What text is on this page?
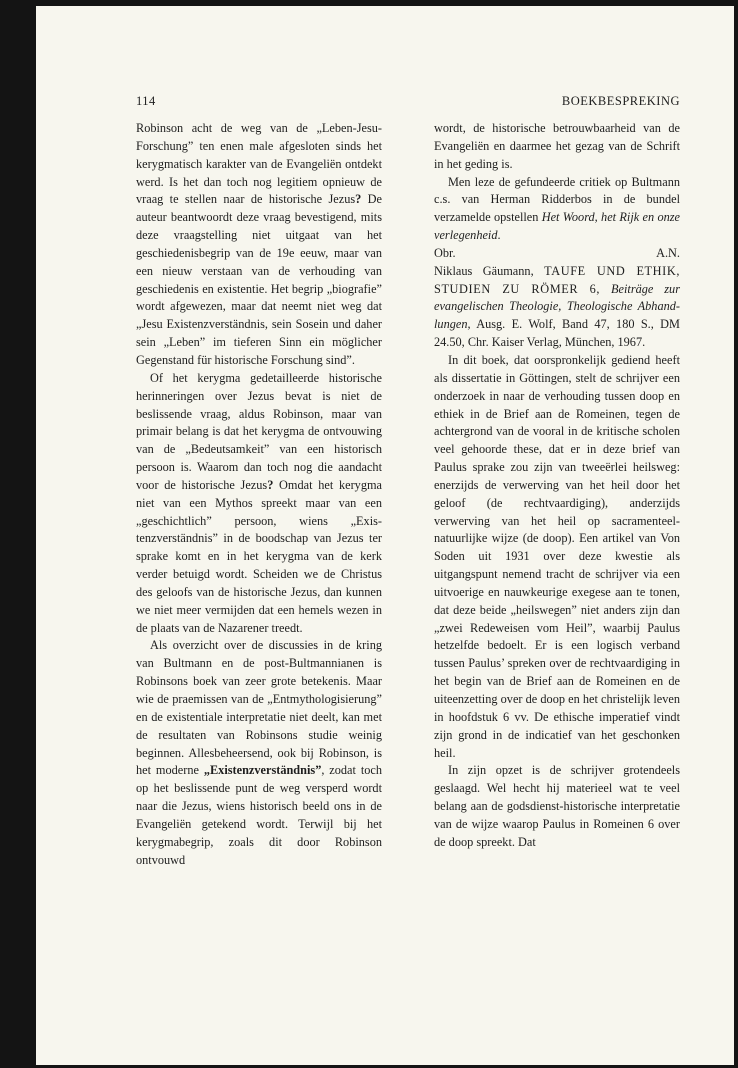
114	BOEKBESPREKING

Robinson acht de weg van de „Leben-Jesu-Forschung” ten enen male afgesloten sinds het kerygmatisch karakter van de Evangeliën ontdekt werd. Is het dan toch nog legitiem opnieuw de vraag te stellen naar de historische Jezus? De auteur beantwoordt deze vraag bevestigend, mits deze vraagstelling niet uitgaat van het geschiedenisbegrip van de 19e eeuw, maar van een nieuw verstaan van de verhouding van geschiedenis en existentie. Het begrip „biografie” wordt afgewezen, maar dat neemt niet weg dat „Jesu Existenzverständnis, sein Sosein und daher sein „Leben” im tieferen Sinn ein möglicher Gegenstand für historische Forschung sind”.

Of het kerygma gedetailleerde historische herinneringen over Jezus bevat is niet de beslissende vraag, aldus Robinson, maar van primair belang is dat het kerygma de ontvouwing van de „Bedeutsamkeit” van een historisch persoon is. Waarom dan toch nog die aandacht voor de historische Jezus? Omdat het kerygma niet van een Mythos spreekt maar van een „geschichtlich” persoon, wiens „Existenzverständnis” in de boodschap van Jezus ter sprake komt en in het kerygma van de kerk verder betuigd wordt. Scheiden we de Christus des geloofs van de historische Jezus, dan kunnen we niet meer vermijden dat een hemels wezen in de plaats van de Nazarener treedt.

Als overzicht over de discussies in de kring van Bultmann en de post-Bultmannianen is Robinsons boek van zeer grote betekenis. Maar wie de praemissen van de „Entmythologisierung” en de existentiale interpretatie niet deelt, kan met de resultaten van Robinsons studie weinig beginnen. Allesbeheersend, ook bij Robinson, is het moderne „Existenzverständnis”, zodat toch op het beslissende punt de weg versperd wordt naar die Jezus, wiens historisch beeld ons in de Evangeliën getekend wordt. Terwijl bij het kerygmabegrip, zoals dit door Robinson ontvouwd

wordt, de historische betrouwbaarheid van de Evangeliën en daarmee het gezag van de Schrift in het geding is.

Men leze de gefundeerde critiek op Bultmann c.s. van Herman Ridderbos in de bundel verzamelde opstellen Het Woord, het Rijk en onze verlegenheid.

Obr.	A.N.

Niklaus Gäumann, TAUFE UND ETHIK, STUDIEN ZU RÖMER 6, Beiträge zur evangelischen Theologie, Theologische Abhandlungen, Ausg. E. Wolf, Band 47, 180 S., DM 24.50, Chr. Kaiser Verlag, München, 1967.

In dit boek, dat oorspronkelijk gediend heeft als dissertatie in Göttingen, stelt de schrijver een onderzoek in naar de verhouding tussen doop en ethiek in de Brief aan de Romeinen, tegen de achtergrond van de vooral in de kritische scholen veel gehoorde these, dat er in deze brief van Paulus sprake zou zijn van tweeërlei heilsweg: enerzijds de verwerving van het heil door het geloof (de rechtvaardiging), anderzijds verwerving van het heil op sacramenteel-natuurlijke wijze (de doop). Een artikel van Von Soden uit 1931 over deze kwestie als uitgangspunt nemend tracht de schrijver via een uitvoerige en nauwkeurige exegese aan te tonen, dat deze beide „heilswegen” niet anders zijn dan „zwei Redeweisen vom Heil”, waarbij Paulus hetzelfde bedoelt. Er is een logisch verband tussen Paulus’ spreken over de rechtvaardiging in het begin van de Brief aan de Romeinen en de uiteenzetting over de doop en het christelijk leven in hoofdstuk 6 vv. De ethische imperatief vindt zijn grond in de indicatief van het geschonken heil.

In zijn opzet is de schrijver grotendeels geslaagd. Wel hecht hij materieel wat te veel belang aan de godsdienst-historische interpretatie van de wijze waarop Paulus in Romeinen 6 over de doop spreekt. Dat
